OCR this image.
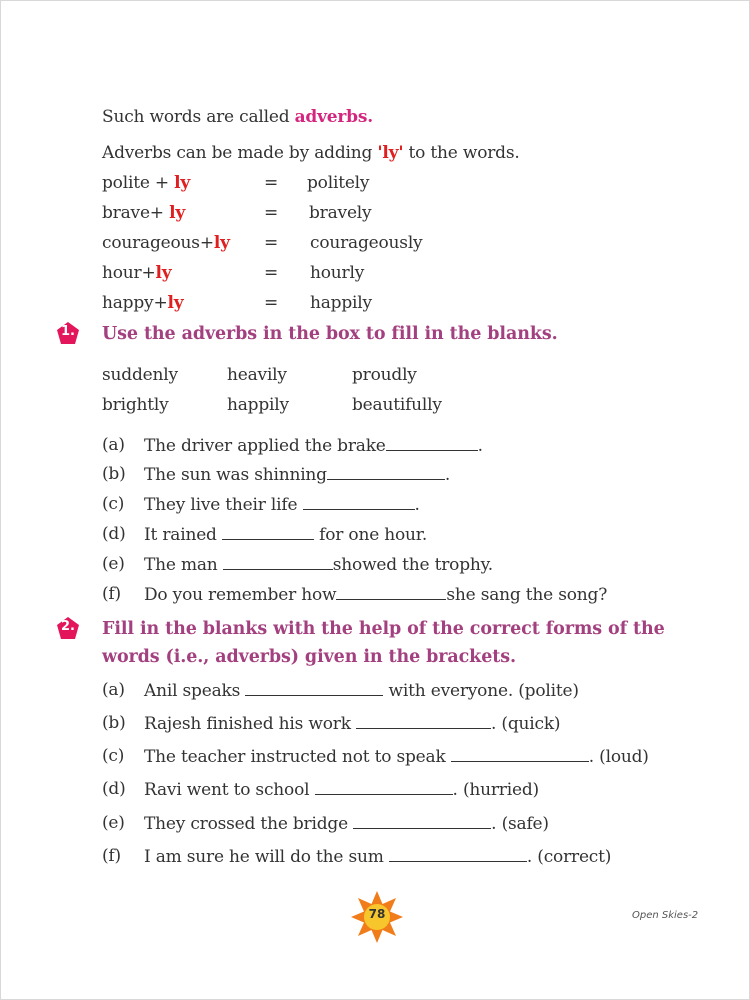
Such words are called adverbs.
Adverbs can be made by adding 'ly' to the words.
polite + ly	= politely
brave+ ly	= bravely
courageous+ly = courageously
hour+ly	= hourly
happy+ly	= happily
1. Use the adverbs in the box to fill in the blanks.
suddenly	heavily	proudly
brightly	happily	beautifully
(a) The driver applied the brake	.
(b) The sun was shinning	.
(c) They live their life	.
(d) It rained	for one hour.
(e) The man	showed the trophy.
(f) Do you remember how	she sang the song?
2. Fill in the blanks with the help of the correct forms of the
words (i.e., adverbs) given in the brackets.
(a) Anil speaks	with everyone. (polite)
(b) Rajesh finished his work	. (quick)
(c) The teacher instructed not to speak	. (loud)
(d) Ravi went to school	. (hurried)
(e) They crossed the bridge	. (safe)
(f) I am sure he will do the sum	. (correct)
78	Open Skies-2
